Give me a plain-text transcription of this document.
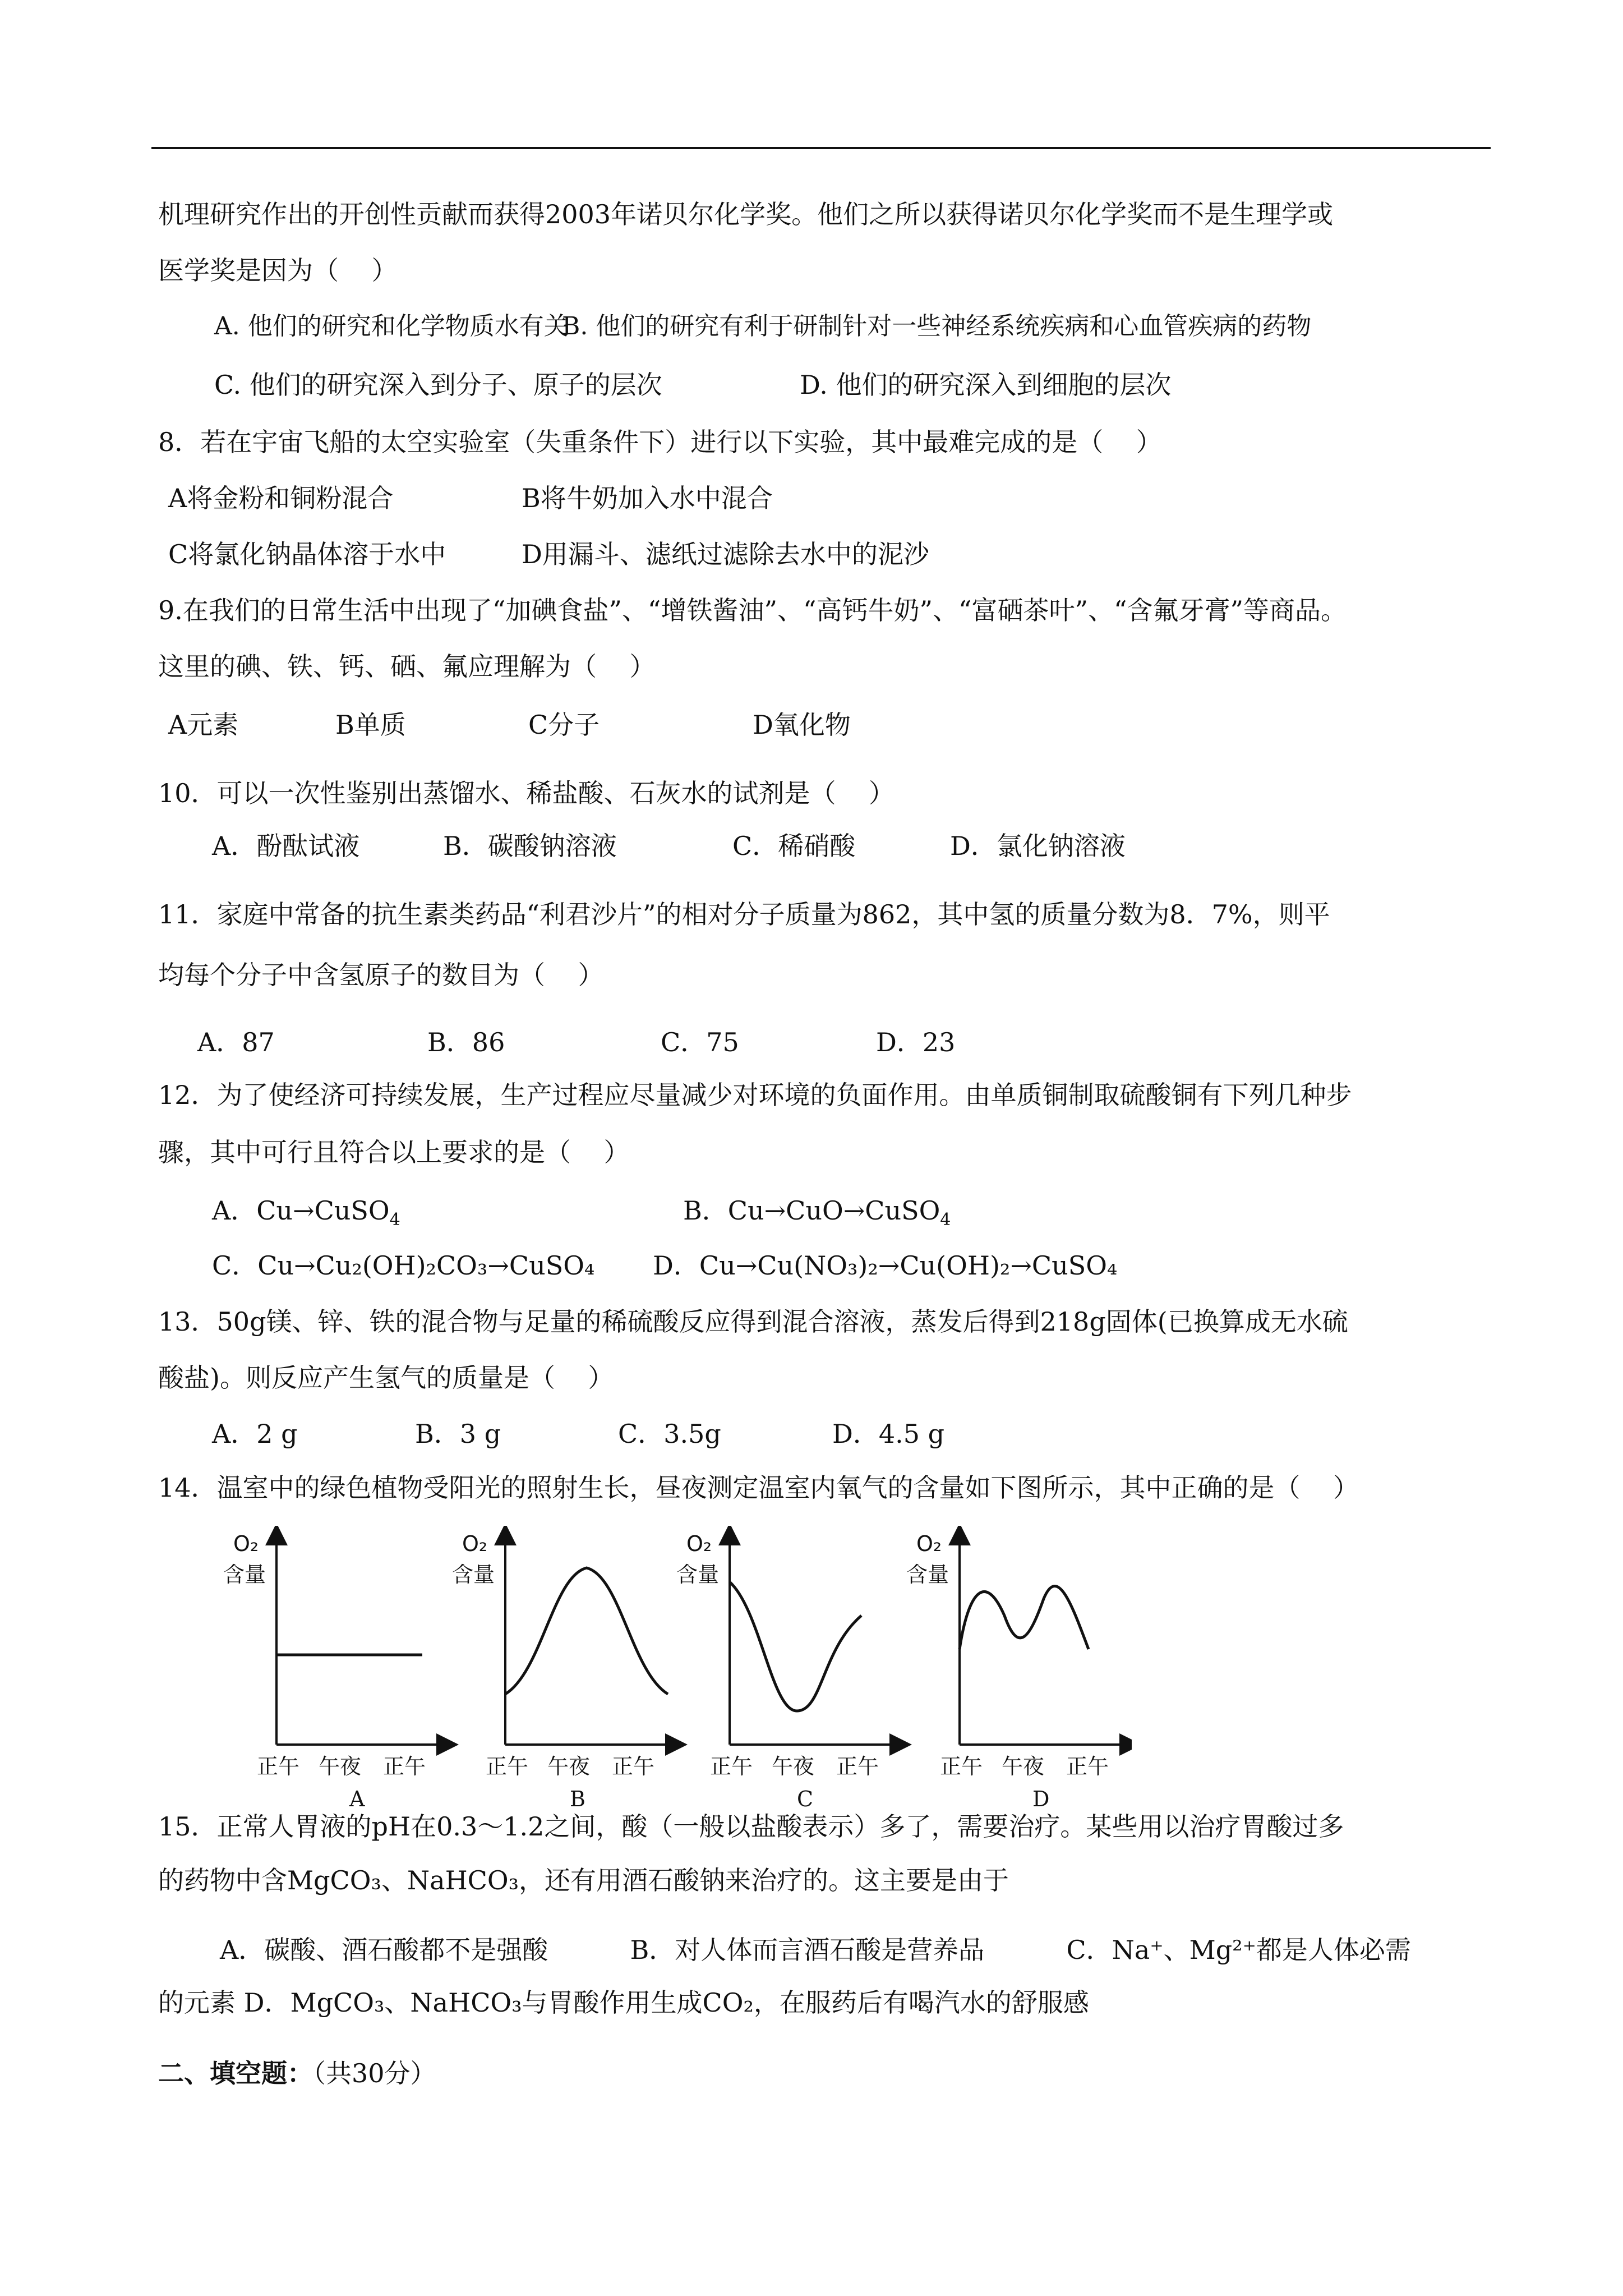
机理研究作出的开创性贡献而获得2003年诺贝尔化学奖。他们之所以获得诺贝尔化学奖而不是生理学或
医学奖是因为（    ）
A. 他们的研究和化学物质水有关
B. 他们的研究有利于研制针对一些神经系统疾病和心血管疾病的药物
C. 他们的研究深入到分子、原子的层次	D. 他们的研究深入到细胞的层次
8．若在宇宙飞船的太空实验室（失重条件下）进行以下实验，其中最难完成的是（    ）
A将金粉和铜粉混合	B将牛奶加入水中混合
C将氯化钠晶体溶于水中	D用漏斗、滤纸过滤除去水中的泥沙
9.在我们的日常生活中出现了“加碘食盐”、“增铁酱油”、“高钙牛奶”、“富硒茶叶”、“含氟牙膏”等商品。
这里的碘、铁、钙、硒、氟应理解为（    ）
A元素	B单质	C分子	D氧化物
10．可以一次性鉴别出蒸馏水、稀盐酸、石灰水的试剂是（    ）
A．酚酞试液	B．碳酸钠溶液	C．稀硝酸	D．氯化钠溶液
11．家庭中常备的抗生素类药品“利君沙片”的相对分子质量为862，其中氢的质量分数为8．7%，则平
均每个分子中含氢原子的数目为（    ）
A．87	B．86	C．75	D．23
12．为了使经济可持续发展，生产过程应尽量减少对环境的负面作用。由单质铜制取硫酸铜有下列几种步
骤，其中可行且符合以上要求的是（    ）
A．Cu→CuSO$_4$	B．Cu→CuO→CuSO$_4$
C．Cu→Cu₂(OH)₂CO₃→CuSO₄ D．Cu→Cu(NO₃)₂→Cu(OH)₂→CuSO₄
13．50g镁、锌、铁的混合物与足量的稀硫酸反应得到混合溶液，蒸发后得到218g固体(已换算成无水硫
酸盐)。则反应产生氢气的质量是（    ）
A．2 g	B．3 g	C．3.5g	D．4.5 g
14．温室中的绿色植物受阳光的照射生长，昼夜测定温室内氧气的含量如下图所示，其中正确的是（    ）
O₂
含量
正午 午夜 正午
A
O₂
含量
正午 午夜 正午
B
O₂
含量
正午 午夜 正午
C
O₂
含量
正午 午夜 正午
D
15．正常人胃液的pH在0.3～1.2之间，酸（一般以盐酸表示）多了，需要治疗。某些用以治疗胃酸过多
的药物中含MgCO₃、NaHCO₃，还有用酒石酸钠来治疗的。这主要是由于
A．碳酸、酒石酸都不是强酸          B．对人体而言酒石酸是营养品          C．Na⁺、Mg²⁺都是人体必需
的元素 D．MgCO₃、NaHCO₃与胃酸作用生成CO₂，在服药后有喝汽水的舒服感
二、填空题：（共30分）
